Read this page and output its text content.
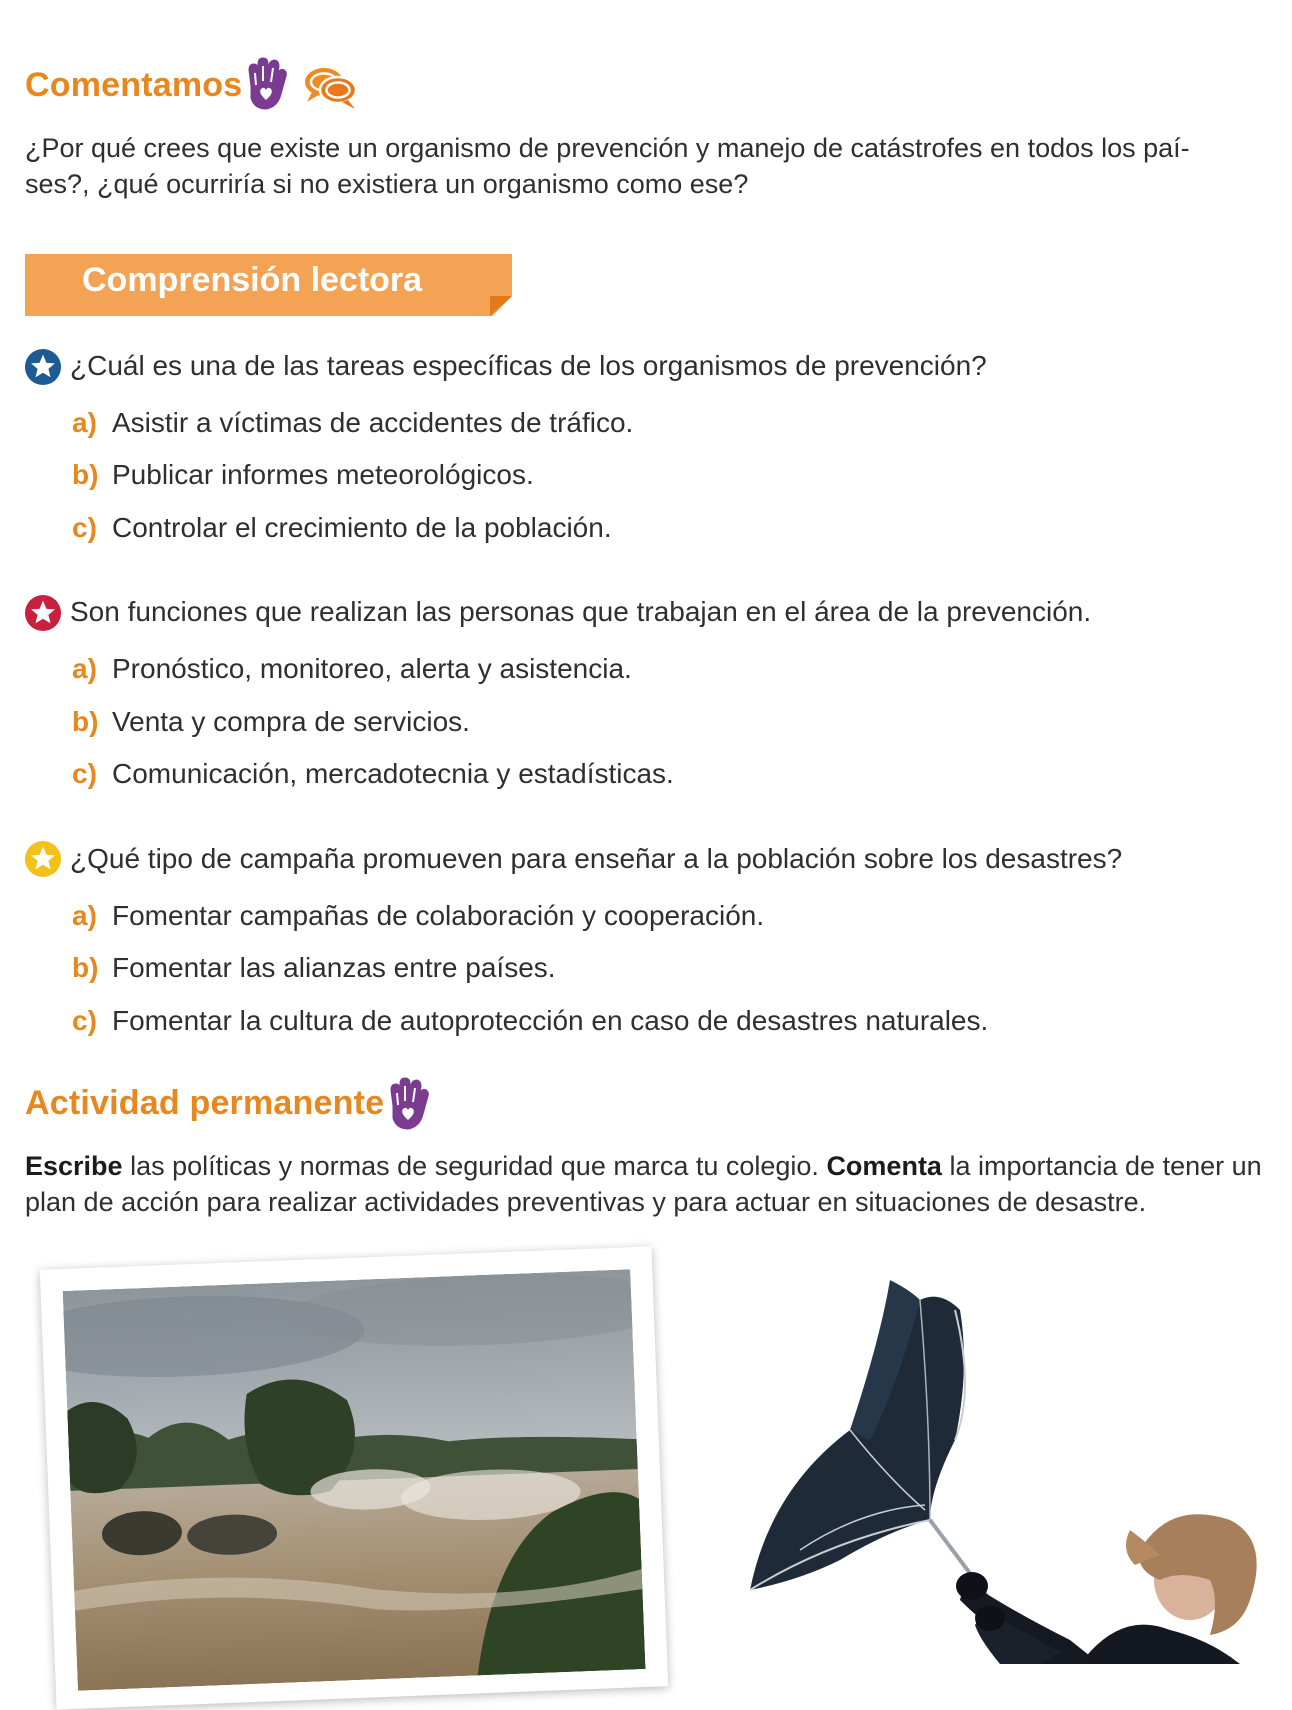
Comentamos
¿Por qué crees que existe un organismo de prevención y manejo de catástrofes en todos los paí-
ses?, ¿qué ocurriría si no existiera un organismo como ese?
Comprensión lectora
¿Cuál es una de las tareas específicas de los organismos de prevención?
a) Asistir a víctimas de accidentes de tráfico.
b) Publicar informes meteorológicos.
c) Controlar el crecimiento de la población.
Son funciones que realizan las personas que trabajan en el área de la prevención.
a) Pronóstico, monitoreo, alerta y asistencia.
b) Venta y compra de servicios.
c) Comunicación, mercadotecnia y estadísticas.
¿Qué tipo de campaña promueven para enseñar a la población sobre los desastres?
a) Fomentar campañas de colaboración y cooperación.
b) Fomentar las alianzas entre países.
c) Fomentar la cultura de autoprotección en caso de desastres naturales.
Actividad permanente
Escribe las políticas y normas de seguridad que marca tu colegio. Comenta la importancia de tener un plan de acción para realizar actividades preventivas y para actuar en situaciones de desastre.
